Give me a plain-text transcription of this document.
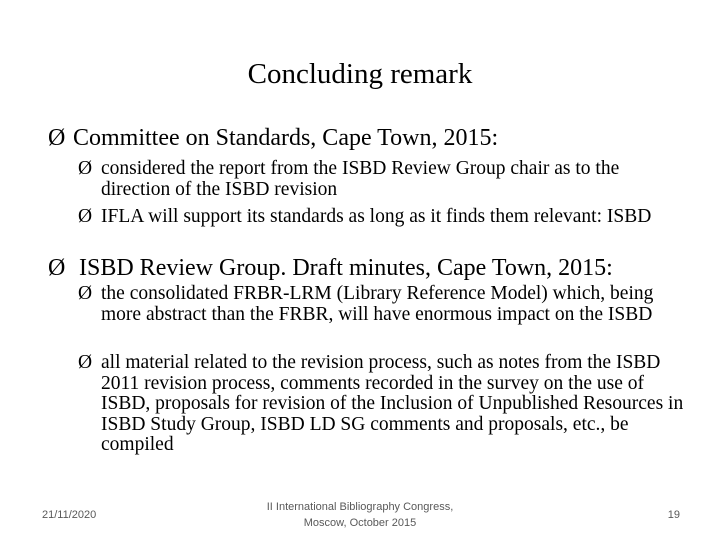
Concluding remark
Ø Committee on Standards, Cape Town, 2015:
Ø considered the report from the ISBD Review Group chair as to the direction of the ISBD revision
Ø IFLA will support its standards as long as it finds them relevant: ISBD
Ø ISBD Review Group. Draft minutes, Cape Town, 2015:
Ø the consolidated FRBR-LRM (Library Reference Model) which, being more abstract than the FRBR, will have enormous impact on the ISBD
Ø all material related to the revision process, such as notes from the ISBD 2011 revision process, comments recorded in the survey on the use of ISBD, proposals for revision of the Inclusion of Unpublished Resources in ISBD Study Group, ISBD LD SG comments and proposals, etc., be compiled
21/11/2020
II International Bibliography Congress,
Moscow, October 2015
19
